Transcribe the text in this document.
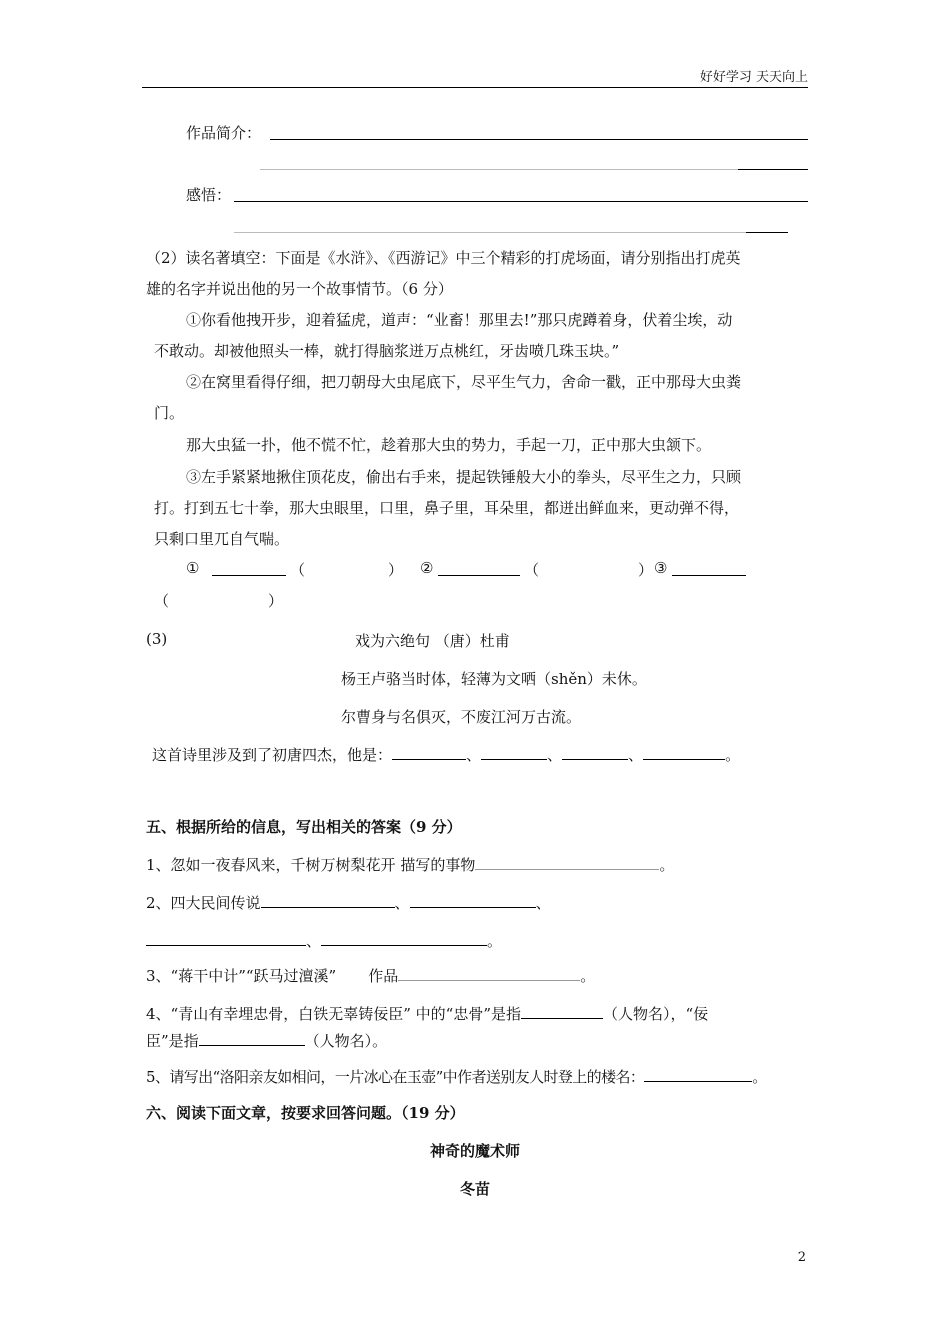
好好学习 天天向上
作品简介：
感悟：
（2）读名著填空：下面是《水浒》、《西游记》中三个精彩的打虎场面，请分别指出打虎英
雄的名字并说出他的另一个故事情节。（6 分）
①你看他拽开步，迎着猛虎，道声：“业畜！那里去!”那只虎蹲着身，伏着尘埃，动
不敢动。却被他照头一棒，就打得脑浆迸万点桃红，牙齿喷几珠玉块。”
②在窝里看得仔细，把刀朝母大虫尾底下，尽平生气力，舍命一戳，正中那母大虫粪
门。
那大虫猛一扑，他不慌不忙，趁着那大虫的势力，手起一刀，正中那大虫颔下。
③左手紧紧地揪住顶花皮，偷出右手来，提起铁锤般大小的拳头，尽平生之力，只顾
打。打到五七十拳，那大虫眼里，口里，鼻子里，耳朵里，都迸出鲜血来，更动弹不得，
只剩口里兀自气喘。
①	（	） ②	（	） ③
（	）
(3)	戏为六绝句 （唐）杜甫
杨王卢骆当时体，轻薄为文哂（shěn）未休。
尔曹身与名俱灭，不废江河万古流。
这首诗里涉及到了初唐四杰，他是：	、	、	、	。
五、根据所给的信息，写出相关的答案（9 分）
1、忽如一夜春风来，千树万树梨花开 描写的事物	。
2、四大民间传说	、	、
、	。
3、“蒋干中计”“跃马过澶溪” 作品	。
4、“青山有幸埋忠骨，白铁无辜铸佞臣” 中的“忠骨”是指	（人物名），“佞
臣”是指	（人物名）。
5、请写出“洛阳亲友如相问，一片冰心在玉壶”中作者送别友人时登上的楼名：	。
六、阅读下面文章，按要求回答问题。（19 分）
神奇的魔术师
冬苗
2
